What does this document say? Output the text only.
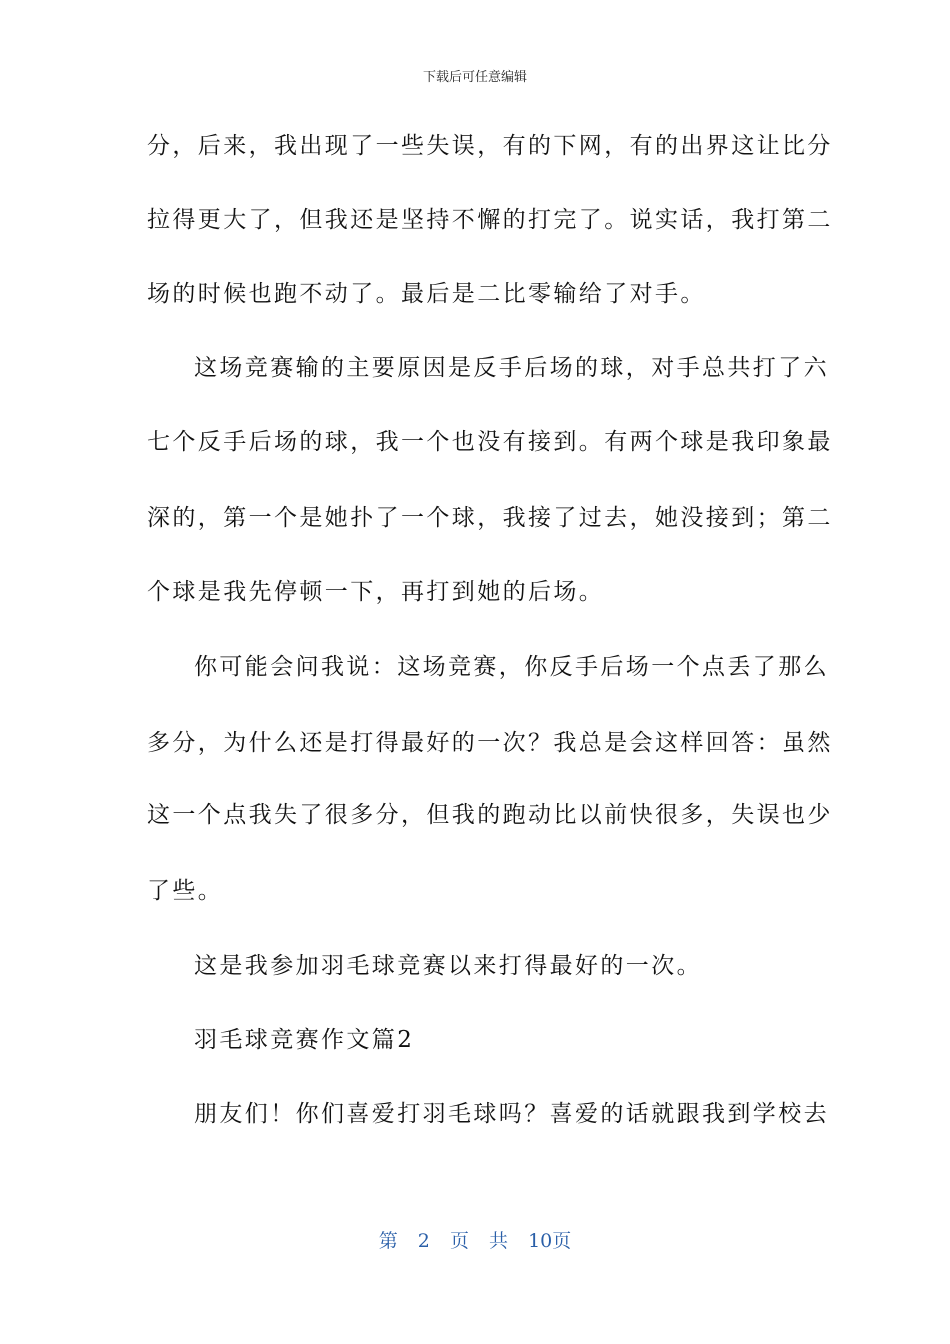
下载后可任意编辑
分，后来，我出现了一些失误，有的下网，有的出界这让比分
拉得更大了，但我还是坚持不懈的打完了。说实话，我打第二
场的时候也跑不动了。最后是二比零输给了对手。
这场竞赛输的主要原因是反手后场的球，对手总共打了六
七个反手后场的球，我一个也没有接到。有两个球是我印象最
深的，第一个是她扑了一个球，我接了过去，她没接到；第二
个球是我先停顿一下，再打到她的后场。
你可能会问我说：这场竞赛，你反手后场一个点丢了那么
多分，为什么还是打得最好的一次？我总是会这样回答：虽然
这一个点我失了很多分，但我的跑动比以前快很多，失误也少
了些。
这是我参加羽毛球竞赛以来打得最好的一次。
羽毛球竞赛作文篇2
朋友们！你们喜爱打羽毛球吗？喜爱的话就跟我到学校去
第 2 页 共 10页
